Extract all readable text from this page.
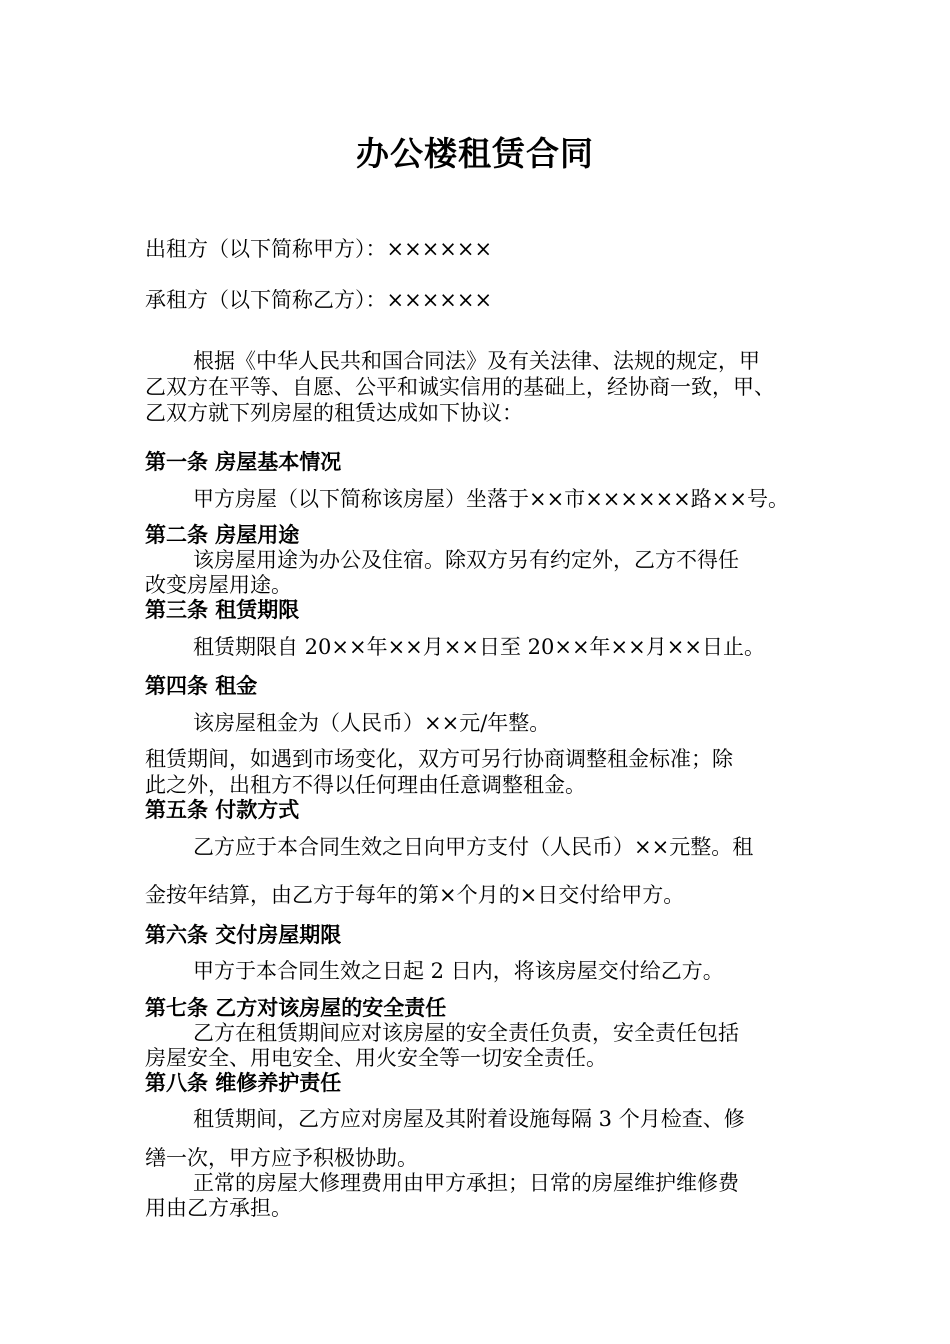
办公楼租赁合同
出租方（以下简称甲方）：××××××
承租方（以下简称乙方）：××××××
根据《中华人民共和国合同法》及有关法律、法规的规定，甲
乙双方在平等、自愿、公平和诚实信用的基础上，经协商一致，甲、
乙双方就下列房屋的租赁达成如下协议：
第一条 房屋基本情况
甲方房屋（以下简称该房屋）坐落于××市××××××路××号。
第二条 房屋用途
该房屋用途为办公及住宿。除双方另有约定外，乙方不得任
改变房屋用途。
第三条 租赁期限
租赁期限自 20××年××月××日至 20××年××月××日止。
第四条 租金
该房屋租金为（人民币）××元/年整。
租赁期间，如遇到市场变化，双方可另行协商调整租金标准；除
此之外，出租方不得以任何理由任意调整租金。
第五条 付款方式
乙方应于本合同生效之日向甲方支付（人民币）××元整。租
金按年结算，由乙方于每年的第×个月的×日交付给甲方。
第六条 交付房屋期限
甲方于本合同生效之日起 2 日内，将该房屋交付给乙方。
第七条 乙方对该房屋的安全责任
乙方在租赁期间应对该房屋的安全责任负责，安全责任包括
房屋安全、用电安全、用火安全等一切安全责任。
第八条 维修养护责任
租赁期间，乙方应对房屋及其附着设施每隔 3 个月检查、修
缮一次，甲方应予积极协助。
正常的房屋大修理费用由甲方承担；日常的房屋维护维修费
用由乙方承担。
